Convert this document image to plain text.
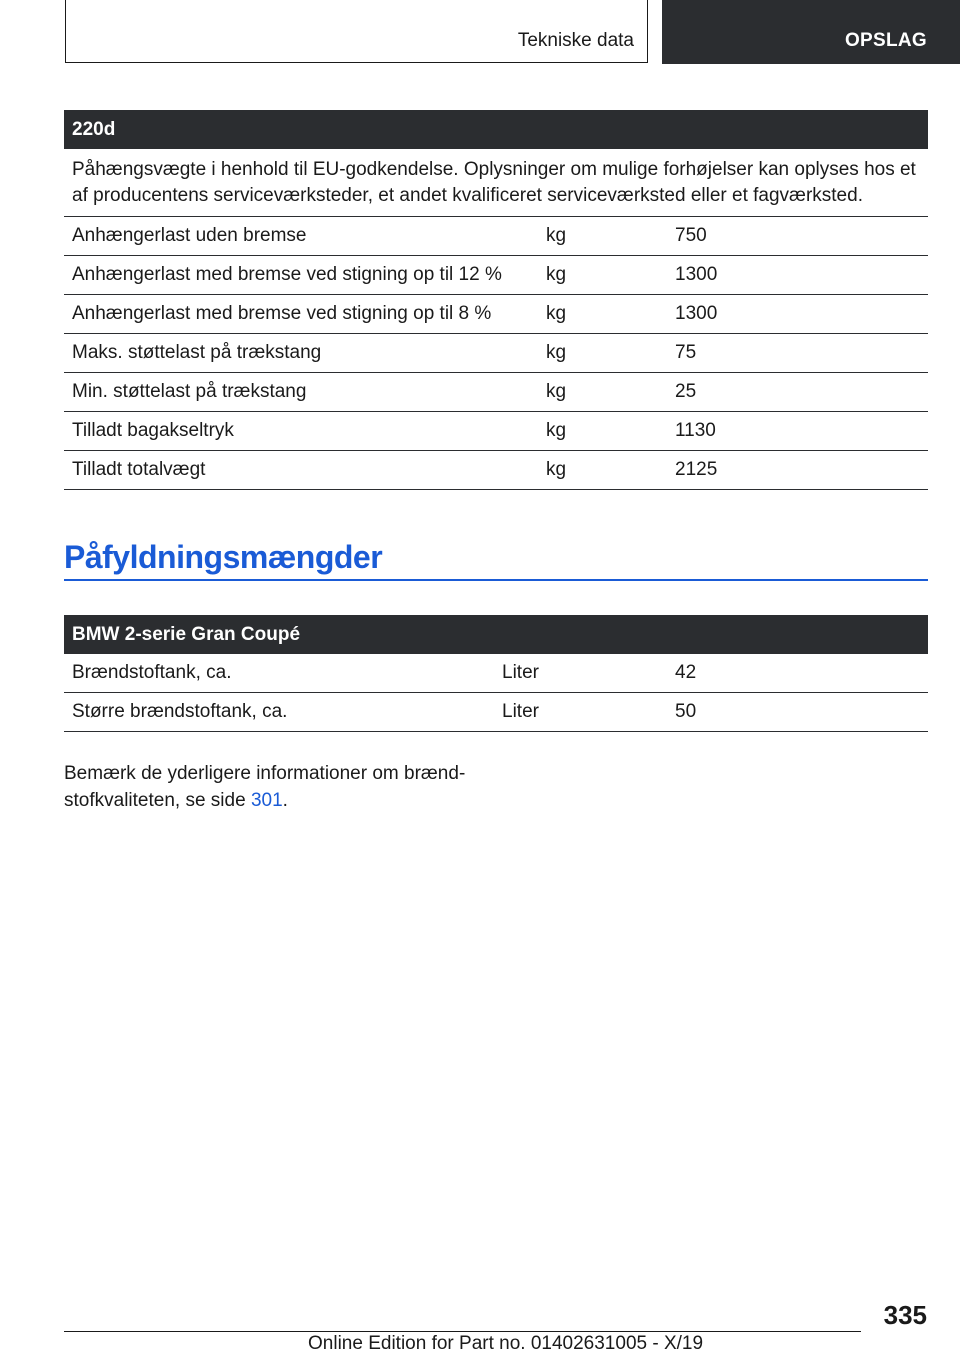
Tekniske data	OPSLAG
220d		
Påhængsvægte i henhold til EU-godkendelse. Oplysninger om mulige forhøjelser kan oplyses hos et af producentens serviceværksteder, et andet kvalificeret serviceværksted eller et fagværksted.		
Anhængerlast uden bremse	kg	750
Anhængerlast med bremse ved stigning op til 12 %	kg	1300
Anhængerlast med bremse ved stigning op til 8 %	kg	1300
Maks. støttelast på trækstang	kg	75
Min. støttelast på trækstang	kg	25
Tilladt bagakseltryk	kg	1130
Tilladt totalvægt	kg	2125
Påfyldningsmængder
BMW 2-serie Gran Coupé		
Brændstoftank, ca.	Liter	42
Større brændstoftank, ca.	Liter	50
Bemærk de yderligere informationer om brænd-
stofkvaliteten, se side 301.
335
Online Edition for Part no. 01402631005 - X/19
